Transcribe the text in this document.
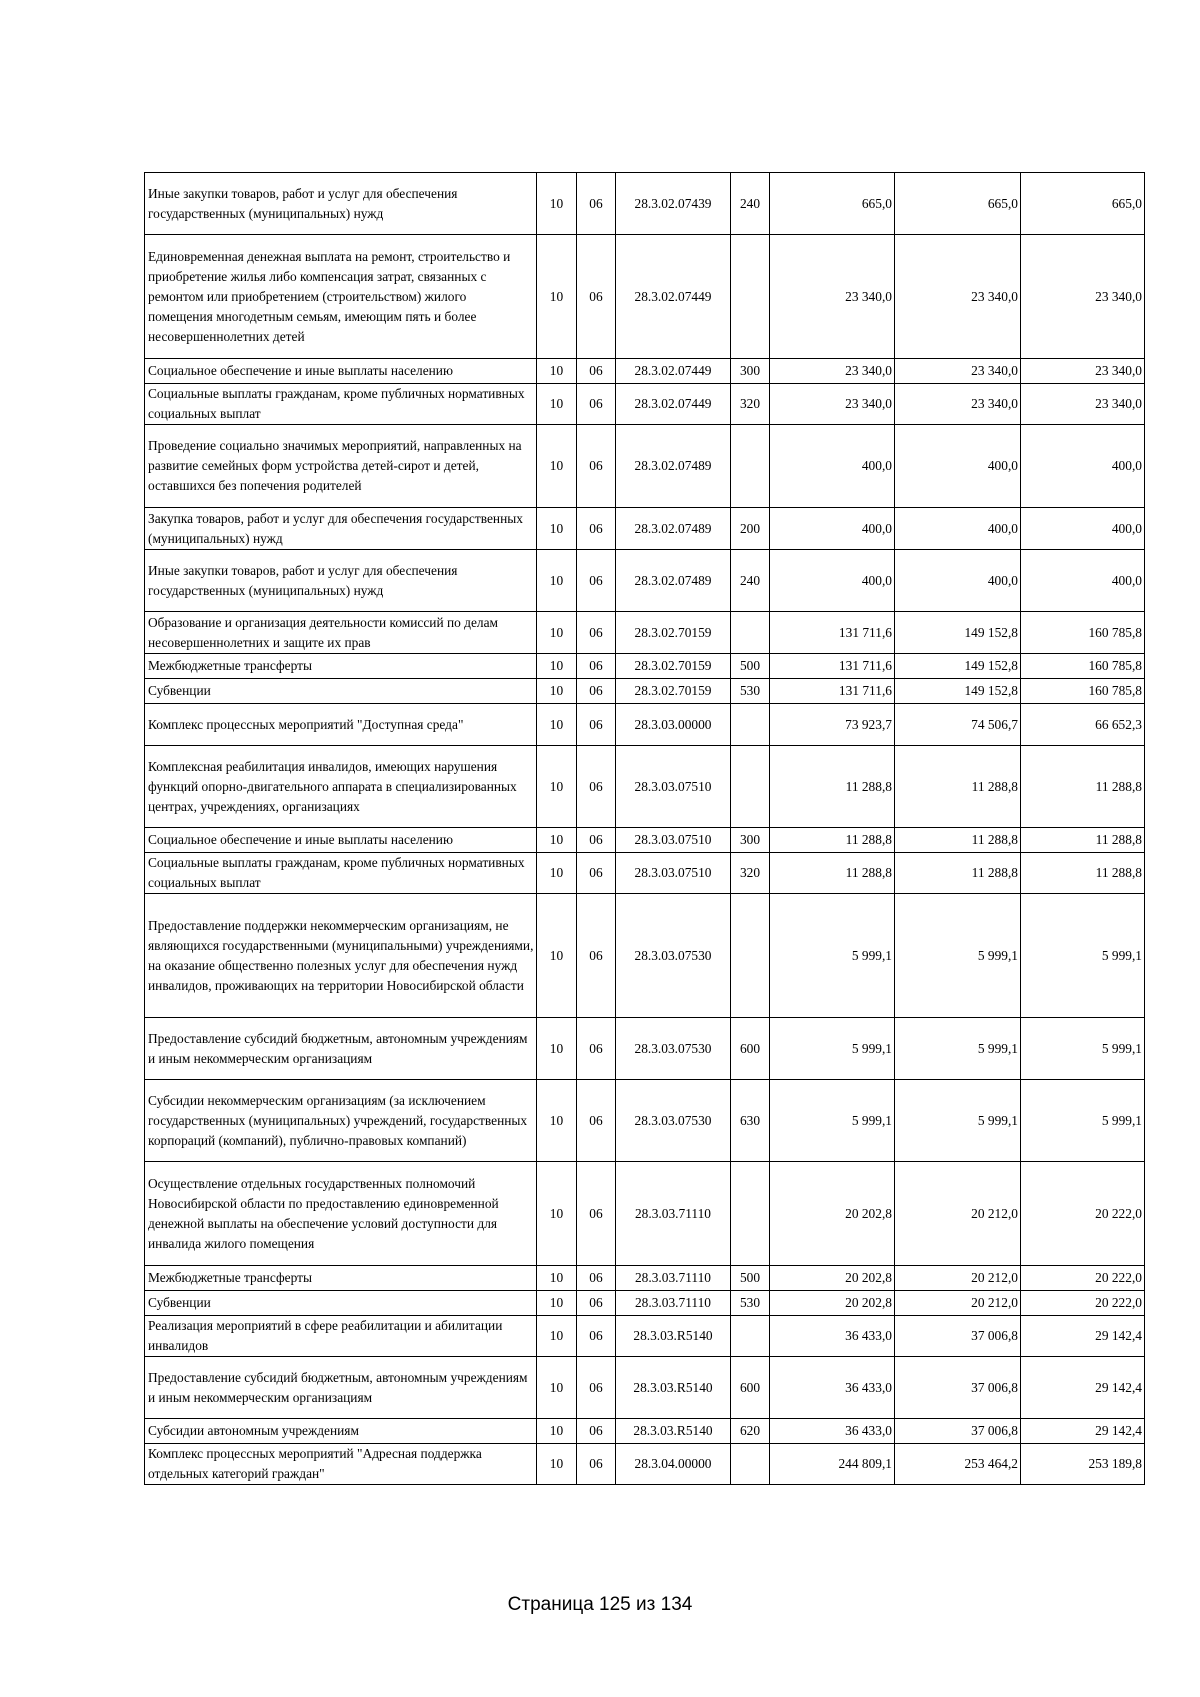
Иные закупки товаров, работ и услуг для обеспечения государственных (муниципальных) нужд	10	06	28.3.02.07439	240	665,0	665,0	665,0
Единовременная денежная выплата на ремонт, строительство и приобретение жилья либо компенсация затрат, связанных с ремонтом или приобретением (строительством) жилого помещения многодетным семьям, имеющим пять и более несовершеннолетних детей	10	06	28.3.02.07449		23 340,0	23 340,0	23 340,0
Социальное обеспечение и иные выплаты населению	10	06	28.3.02.07449	300	23 340,0	23 340,0	23 340,0
Социальные выплаты гражданам, кроме публичных нормативных социальных выплат	10	06	28.3.02.07449	320	23 340,0	23 340,0	23 340,0
Проведение социально значимых мероприятий, направленных на развитие семейных форм устройства детей-сирот и детей, оставшихся без попечения родителей	10	06	28.3.02.07489		400,0	400,0	400,0
Закупка товаров, работ и услуг для обеспечения государственных (муниципальных) нужд	10	06	28.3.02.07489	200	400,0	400,0	400,0
Иные закупки товаров, работ и услуг для обеспечения государственных (муниципальных) нужд	10	06	28.3.02.07489	240	400,0	400,0	400,0
Образование и организация деятельности комиссий по делам несовершеннолетних и защите их прав	10	06	28.3.02.70159		131 711,6	149 152,8	160 785,8
Межбюджетные трансферты	10	06	28.3.02.70159	500	131 711,6	149 152,8	160 785,8
Субвенции	10	06	28.3.02.70159	530	131 711,6	149 152,8	160 785,8
Комплекс процессных мероприятий "Доступная среда"	10	06	28.3.03.00000		73 923,7	74 506,7	66 652,3
Комплексная реабилитация инвалидов, имеющих нарушения функций опорно-двигательного аппарата в специализированных центрах, учреждениях, организациях	10	06	28.3.03.07510		11 288,8	11 288,8	11 288,8
Социальное обеспечение и иные выплаты населению	10	06	28.3.03.07510	300	11 288,8	11 288,8	11 288,8
Социальные выплаты гражданам, кроме публичных нормативных социальных выплат	10	06	28.3.03.07510	320	11 288,8	11 288,8	11 288,8
Предоставление поддержки некоммерческим организациям, не являющихся государственными (муниципальными) учреждениями, на оказание общественно полезных услуг для обеспечения нужд инвалидов, проживающих на территории Новосибирской области	10	06	28.3.03.07530		5 999,1	5 999,1	5 999,1
Предоставление субсидий бюджетным, автономным учреждениям и иным некоммерческим организациям	10	06	28.3.03.07530	600	5 999,1	5 999,1	5 999,1
Субсидии некоммерческим организациям (за исключением государственных (муниципальных) учреждений, государственных корпораций (компаний), публично-правовых компаний)	10	06	28.3.03.07530	630	5 999,1	5 999,1	5 999,1
Осуществление отдельных государственных полномочий Новосибирской области по предоставлению единовременной денежной выплаты на обеспечение условий доступности для инвалида жилого помещения	10	06	28.3.03.71110		20 202,8	20 212,0	20 222,0
Межбюджетные трансферты	10	06	28.3.03.71110	500	20 202,8	20 212,0	20 222,0
Субвенции	10	06	28.3.03.71110	530	20 202,8	20 212,0	20 222,0
Реализация мероприятий в сфере реабилитации и абилитации инвалидов	10	06	28.3.03.R5140		36 433,0	37 006,8	29 142,4
Предоставление субсидий бюджетным, автономным учреждениям и иным некоммерческим организациям	10	06	28.3.03.R5140	600	36 433,0	37 006,8	29 142,4
Субсидии автономным учреждениям	10	06	28.3.03.R5140	620	36 433,0	37 006,8	29 142,4
Комплекс процессных мероприятий "Адресная поддержка отдельных категорий граждан"	10	06	28.3.04.00000		244 809,1	253 464,2	253 189,8
Страница 125 из 134
